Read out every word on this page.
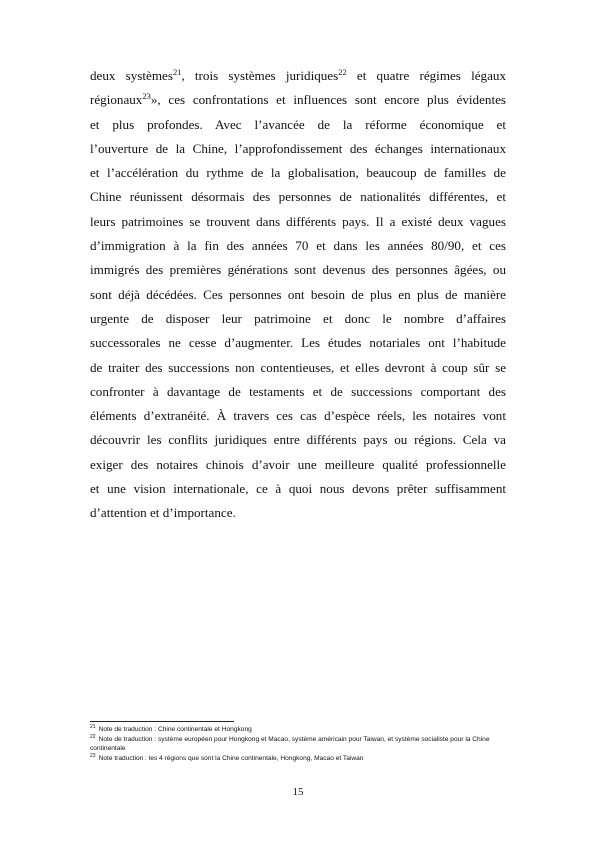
deux systèmes$^{21}$, trois systèmes juridiques$^{22}$ et quatre régimes légaux
régionaux$^{23}$», ces confrontations et influences sont encore plus évidentes
et plus profondes. Avec l’avancée de la réforme économique et
l’ouverture de la Chine, l’approfondissement des échanges internationaux
et l’accélération du rythme de la globalisation, beaucoup de familles de
Chine réunissent désormais des personnes de nationalités différentes, et
leurs patrimoines se trouvent dans différents pays. Il a existé deux vagues
d’immigration à la fin des années 70 et dans les années 80/90, et ces
immigrés des premières générations sont devenus des personnes âgées, ou
sont déjà décédées. Ces personnes ont besoin de plus en plus de manière
urgente de disposer leur patrimoine et donc le nombre d’affaires
successorales ne cesse d’augmenter. Les études notariales ont l’habitude
de traiter des successions non contentieuses, et elles devront à coup sûr se
confronter à davantage de testaments et de successions comportant des
éléments d’extranéité. À travers ces cas d’espèce réels, les notaires vont
découvrir les conflits juridiques entre différents pays ou régions. Cela va
exiger des notaires chinois d’avoir une meilleure qualité professionnelle
et une vision internationale, ce à quoi nous devons prêter suffisamment
d’attention et d’importance.

$^{21}$ Note de traduction : Chine continentale et Hongkong

$^{22}$ Note de traduction : système européen pour Hongkong et Macao, système américain pour Taiwan, et système socialiste pour la Chine continentale

$^{23}$ Note traduction : les 4 régions que sont la Chine continentale, Hongkong, Macao et Taiwan

15
